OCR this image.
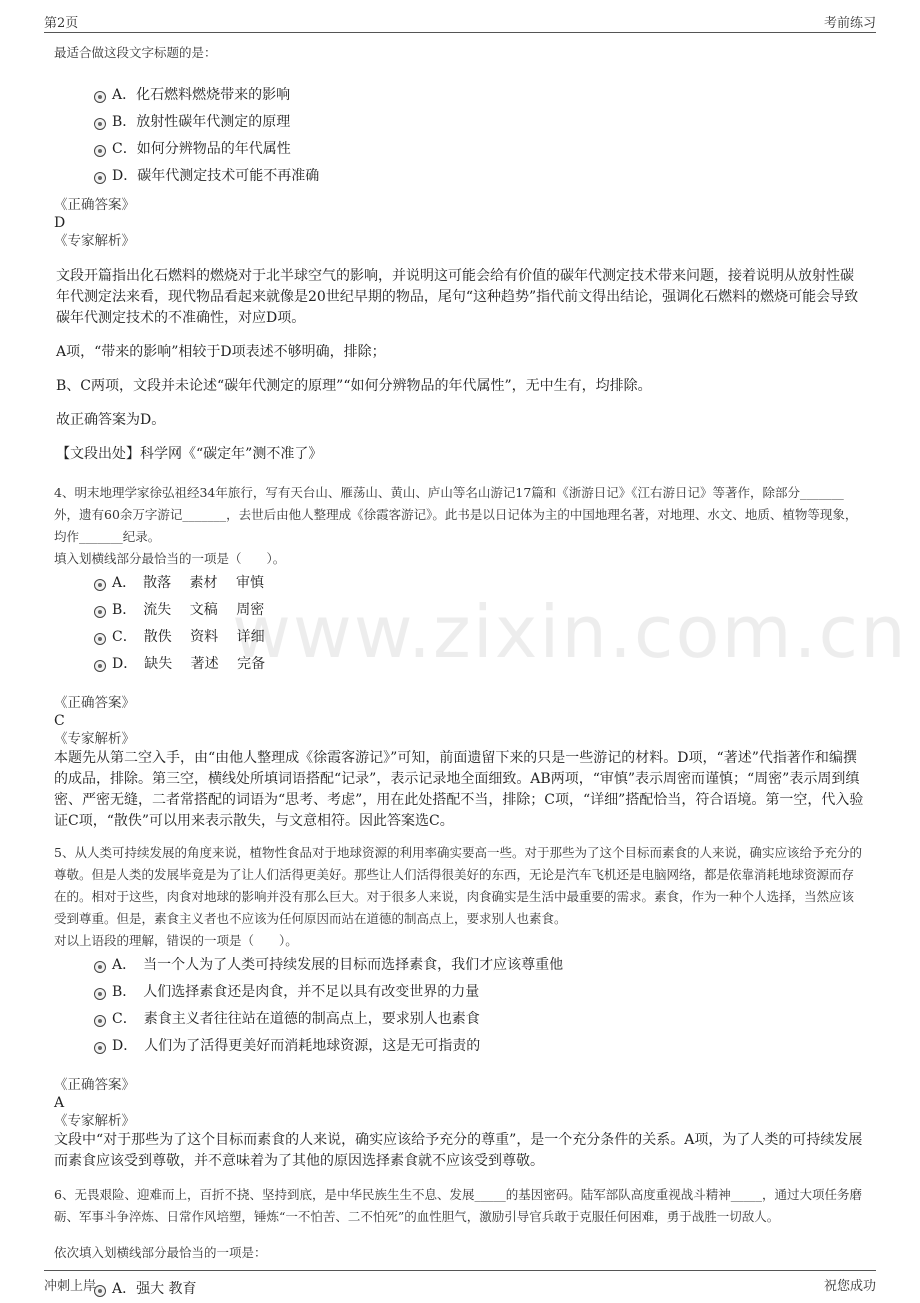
第2页	考前练习
www.zixin.com.cn
最适合做这段文字标题的是：
A．化石燃料燃烧带来的影响
B．放射性碳年代测定的原理
C．如何分辨物品的年代属性
D．碳年代测定技术可能不再准确
《正确答案》
D
《专家解析》

文段开篇指出化石燃料的燃烧对于北半球空气的影响，并说明这可能会给有价值的碳年代测定技术带来问题，接着说明从放射性碳年代测定法来看，现代物品看起来就像是20世纪早期的物品，尾句“这种趋势”指代前文得出结论，强调化石燃料的燃烧可能会导致碳年代测定技术的不准确性，对应D项。

A项，“带来的影响”相较于D项表述不够明确，排除；

B、C两项，文段并未论述“碳年代测定的原理”“如何分辨物品的年代属性”，无中生有，均排除。

故正确答案为D。

【文段出处】科学网《“碳定年”测不准了》

4、明末地理学家徐弘祖经34年旅行，写有天台山、雁荡山、黄山、庐山等名山游记17篇和《浙游日记》《江右游日记》等著作，除部分_______外，遗有60余万字游记_______，去世后由他人整理成《徐霞客游记》。此书是以日记体为主的中国地理名著，对地理、水文、地质、植物等现象，均作_______纪录。

填入划横线部分最恰当的一项是（　　）。

A．　散落　 素材　 审慎
B．　流失　 文稿　 周密
C．　散佚　 资料　 详细
D．　缺失　 著述　 完备
《正确答案》
C
《专家解析》

本题先从第二空入手，由“由他人整理成《徐霞客游记》”可知，前面遗留下来的只是一些游记的材料。D项，“著述”代指著作和编撰的成品，排除。第三空，横线处所填词语搭配“记录”，表示记录地全面细致。AB两项，“审慎”表示周密而谨慎；“周密”表示周到缜密、严密无缝，二者常搭配的词语为“思考、考虑”，用在此处搭配不当，排除；C项，“详细”搭配恰当，符合语境。第一空，代入验证C项，“散佚”可以用来表示散失，与文意相符。因此答案选C。

5、从人类可持续发展的角度来说，植物性食品对于地球资源的利用率确实要高一些。对于那些为了这个目标而素食的人来说，确实应该给予充分的尊敬。但是人类的发展毕竟是为了让人们活得更美好。那些让人们活得很美好的东西，无论是汽车飞机还是电脑网络，都是依靠消耗地球资源而存在的。相对于这些，肉食对地球的影响并没有那么巨大。对于很多人来说，肉食确实是生活中最重要的需求。素食，作为一种个人选择，当然应该受到尊重。但是，素食主义者也不应该为任何原因而站在道德的制高点上，要求别人也素食。

对以上语段的理解，错误的一项是（　　）。

A．　当一个人为了人类可持续发展的目标而选择素食，我们才应该尊重他
B．　人们选择素食还是肉食，并不足以具有改变世界的力量
C．　素食主义者往往站在道德的制高点上，要求别人也素食
D．　人们为了活得更美好而消耗地球资源，这是无可指责的
《正确答案》
A
《专家解析》

文段中“对于那些为了这个目标而素食的人来说，确实应该给予充分的尊重”，是一个充分条件的关系。A项，为了人类的可持续发展而素食应该受到尊敬，并不意味着为了其他的原因选择素食就不应该受到尊敬。

6、无畏艰险、迎难而上，百折不挠、坚持到底，是中华民族生生不息、发展_____的基因密码。陆军部队高度重视战斗精神_____，通过大项任务磨砺、军事斗争淬炼、日常作风培塑，锤炼“一不怕苦、二不怕死”的血性胆气，激励引导官兵敢于克服任何困难，勇于战胜一切敌人。

依次填入划横线部分最恰当的一项是：

A．强大 教育
冲刺上岸	祝您成功
